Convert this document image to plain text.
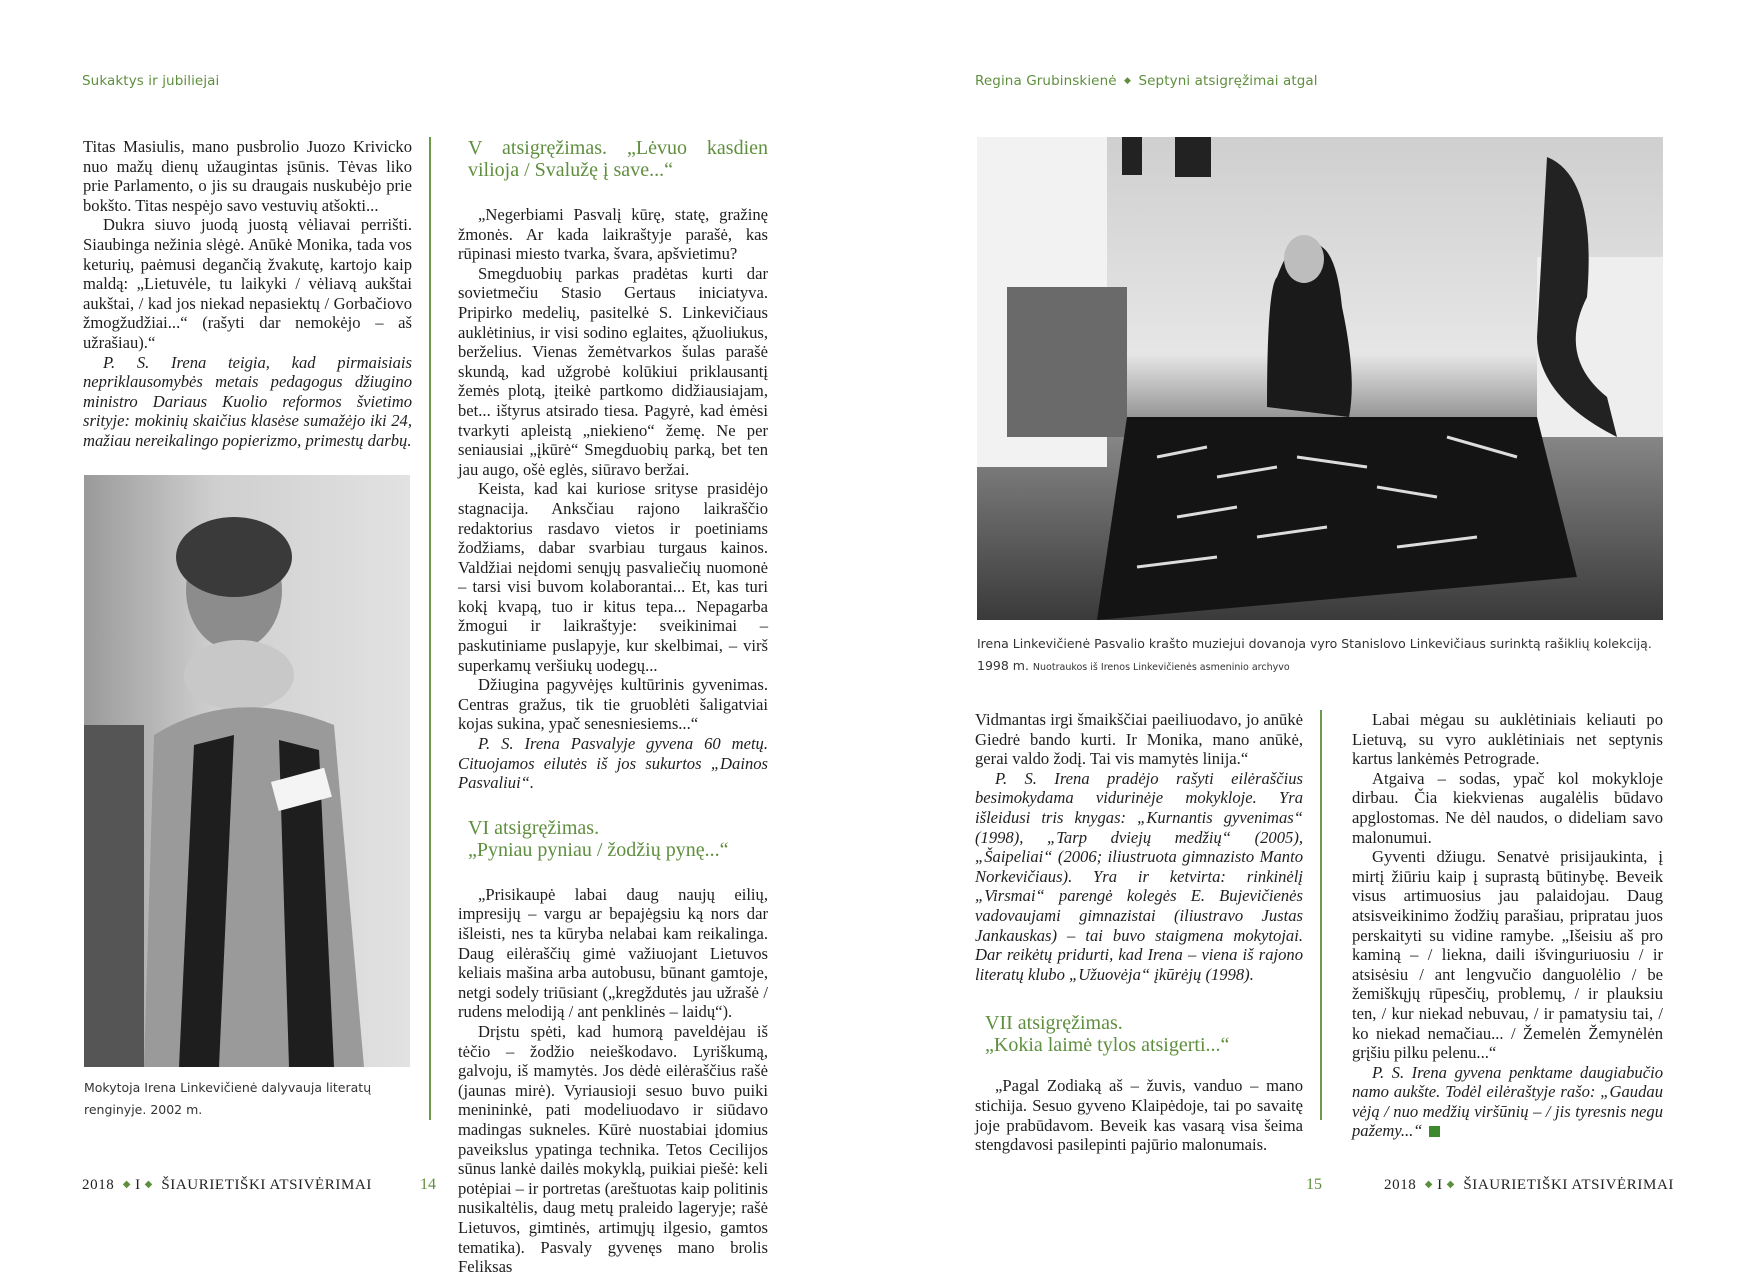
Sukaktys ir jubiliejai	Regina Grubinskienė ◆ Septyni atsigręžimai atgal

Titas Masiulis, mano pusbrolio Juozo Krivicko nuo mažų dienų užaugintas įsūnis. Tėvas liko prie Parlamento, o jis su draugais nuskubėjo prie bokšto. Titas nespėjo savo vestuvių atšokti...

Dukra siuvo juodą juostą vėliavai perrišti. Siaubinga nežinia slėgė. Anūkė Monika, tada vos keturių, paėmusi degančią žvakutę, kartojo kaip maldą: „Lietuvėle, tu laikyki / vėliavą aukštai aukštai, / kad jos niekad nepasiektų / Gorbačiovo žmogžudžiai...“ (rašyti dar nemokėjo – aš užrašiau).“

P. S. Irena teigia, kad pirmaisiais nepriklausomybės metais pedagogus džiugino ministro Dariaus Kuolio reformos švietimo srityje: mokinių skaičius klasėse sumažėjo iki 24, mažiau nereikalingo popierizmo, primestų darbų.

Mokytoja Irena Linkevičienė dalyvauja literatų renginyje. 2002 m.
V atsigręžimas. „Lėvuo kasdien vilioja / Svalužę į save...“

„Negerbiami Pasvalį kūrę, statę, gražinę žmonės. Ar kada laikraštyje parašė, kas rūpinasi miesto tvarka, švara, apšvietimu?

Smegduobių parkas pradėtas kurti dar sovietmečiu Stasio Gertaus iniciatyva. Pripirko medelių, pasitelkė S. Linkevičiaus auklėtinius, ir visi sodino eglaites, ąžuoliukus, berželius. Vienas žemėtvarkos šulas parašė skundą, kad užgrobė kolūkiui priklausantį žemės plotą, įteikė partkomo didžiausiajam, bet... ištyrus atsirado tiesa. Pagyrė, kad ėmėsi tvarkyti apleistą „niekieno“ žemę. Ne per seniausiai „įkūrė“ Smegduobių parką, bet ten jau augo, ošė eglės, siūravo beržai.

Keista, kad kai kuriose srityse prasidėjo stagnacija. Anksčiau rajono laikraščio redaktorius rasdavo vietos ir poetiniams žodžiams, dabar svarbiau turgaus kainos. Valdžiai neįdomi senųjų pasvaliečių nuomonė – tarsi visi buvom kolaborantai... Et, kas turi kokį kvapą, tuo ir kitus tepa... Nepagarba žmogui ir laikraštyje: sveikinimai – paskutiniame puslapyje, kur skelbimai, – virš superkamų veršiukų uodegų...

Džiugina pagyvėjęs kultūrinis gyvenimas. Centras gražus, tik tie gruoblėti šaligatviai kojas sukina, ypač senesniesiems...“

P. S. Irena Pasvalyje gyvena 60 metų. Cituojamos eilutės iš jos sukurtos „Dainos Pasvaliui“.

VI atsigręžimas.
„Pyniau pyniau / žodžių pynę...“

„Prisikaupė labai daug naujų eilių, impresijų – vargu ar bepajėgsiu ką nors dar išleisti, nes ta kūryba nelabai kam reikalinga. Daug eilėraščių gimė važiuojant Lietuvos keliais mašina arba autobusu, būnant gamtoje, netgi sodely triūsiant („kregždutės jau užrašė / rudens melodiją / ant penklinės – laidų“).

Drįstu spėti, kad humorą paveldėjau iš tėčio – žodžio neieškodavo. Lyriškumą, galvoju, iš mamytės. Jos dėdė eilėraščius rašė (jaunas mirė). Vyriausioji sesuo buvo puiki menininkė, pati modeliuodavo ir siūdavo madingas sukneles. Kūrė nuostabiai įdomius paveikslus ypatinga technika. Tetos Cecilijos sūnus lankė dailės mokyklą, puikiai piešė: keli potėpiai – ir portretas (areštuotas kaip politinis nusikaltėlis, daug metų praleido lageryje; rašė Lietuvos, gimtinės, artimųjų ilgesio, gamtos tematika). Pasvaly gyvenęs mano brolis Feliksas

Irena Linkevičienė Pasvalio krašto muziejui dovanoja vyro Stanislovo Linkevičiaus surinktą rašiklių kolekciją. 1998 m. Nuotraukos iš Irenos Linkevičienės asmeninio archyvo

Vidmantas irgi šmaikščiai paeiliuodavo, jo anūkė Giedrė bando kurti. Ir Monika, mano anūkė, gerai valdo žodį. Tai vis mamytės linija.“

P. S. Irena pradėjo rašyti eilėraščius besimokydama vidurinėje mokykloje. Yra išleidusi tris knygas: „Kurnantis gyvenimas“ (1998), „Tarp dviejų medžių“ (2005), „Šaipeliai“ (2006; iliustruota gimnazisto Manto Norkevičiaus). Yra ir ketvirta: rinkinėlį „Virsmai“ parengė kolegės E. Bujevičienės vadovaujami gimnazistai (iliustravo Justas Jankauskas) – tai buvo staigmena mokytojai. Dar reikėtų pridurti, kad Irena – viena iš rajono literatų klubo „Užuovėja“ įkūrėjų (1998).

VII atsigręžimas.
„Kokia laimė tylos atsigerti...“

„Pagal Zodiaką aš – žuvis, vanduo – mano stichija. Sesuo gyveno Klaipėdoje, tai po savaitę joje prabūdavom. Beveik kas vasarą visa šeima stengdavosi pasilepinti pajūrio malonumais.

Labai mėgau su auklėtiniais keliauti po Lietuvą, su vyro auklėtiniais net septynis kartus lankėmės Petrograde.

Atgaiva – sodas, ypač kol mokykloje dirbau. Čia kiekvienas augalėlis būdavo apglostomas. Ne dėl naudos, o dideliam savo malonumui.

Gyventi džiugu. Senatvė prisijaukinta, į mirtį žiūriu kaip į suprastą būtinybę. Beveik visus artimuosius jau palaidojau. Daug atsisveikinimo žodžių parašiau, pripratau juos perskaityti su vidine ramybe. „Išeisiu aš pro kaminą – / liekna, daili išvinguriuosiu / ir atsisėsiu / ant lengvučio danguolėlio / be žemiškųjų rūpesčių, problemų, / ir plauksiu ten, / kur niekad nebuvau, / ir pamatysiu tai, / ko niekad nemačiau... / Žemelėn Žemynėlėn grįšiu pilku pelenu...“

P. S. Irena gyvena penktame daugiabučio namo aukšte. Todėl eilėraštyje rašo: „Gaudau vėją / nuo medžių viršūnių – / jis tyresnis negu pažemy...“

2018 ◆ I ◆ ŠIAURIETIŠKI ATSIVĖRIMAI	14	15	2018 ◆ I ◆ ŠIAURIETIŠKI ATSIVĖRIMAI
